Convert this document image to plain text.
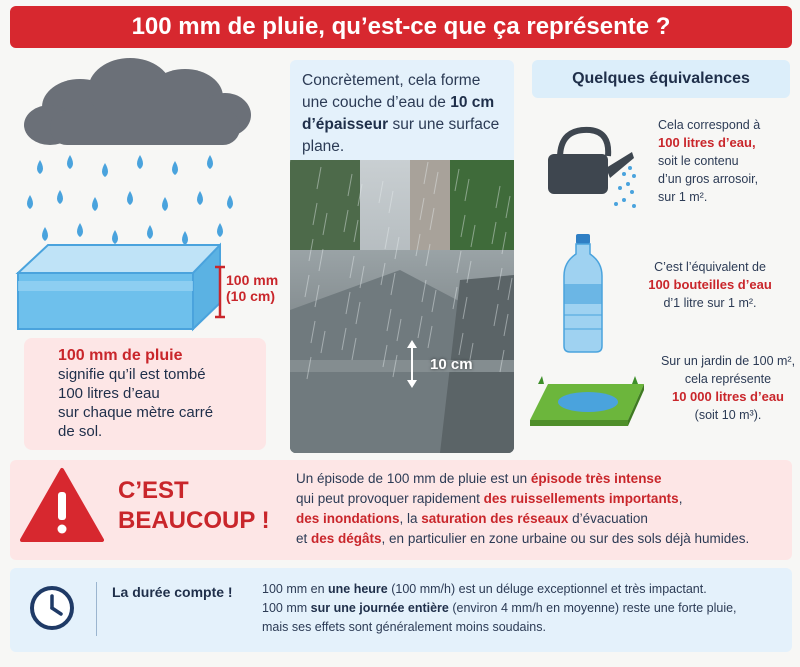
100 mm de pluie, qu’est-ce que ça représente ?
100 mm
(10 cm)
100 mm de pluie
signifie qu’il est tombé
100 litres d’eau
sur chaque mètre carré
de sol.
Concrètement, cela forme une couche d’eau de 10 cm d’épaisseur sur une surface plane.
10 cm
Quelques équivalences
Cela correspond à
100 litres d’eau,
soit le contenu
d’un gros arrosoir,
sur 1 m².
C’est l’équivalent de
100 bouteilles d’eau
d’1 litre sur 1 m².
Sur un jardin de 100 m²,
cela représente
10 000 litres d’eau
(soit 10 m³).
C’EST
BEAUCOUP !
Un épisode de 100 mm de pluie est un épisode très intense
qui peut provoquer rapidement des ruissellements importants,
des inondations, la saturation des réseaux d’évacuation
et des dégâts, en particulier en zone urbaine ou sur des sols déjà humides.
La durée compte ! 100 mm en une heure (100 mm/h) est un déluge exceptionnel et très impactant.
100 mm sur une journée entière (environ 4 mm/h en moyenne) reste une forte pluie,
mais ses effets sont généralement moins soudains.
